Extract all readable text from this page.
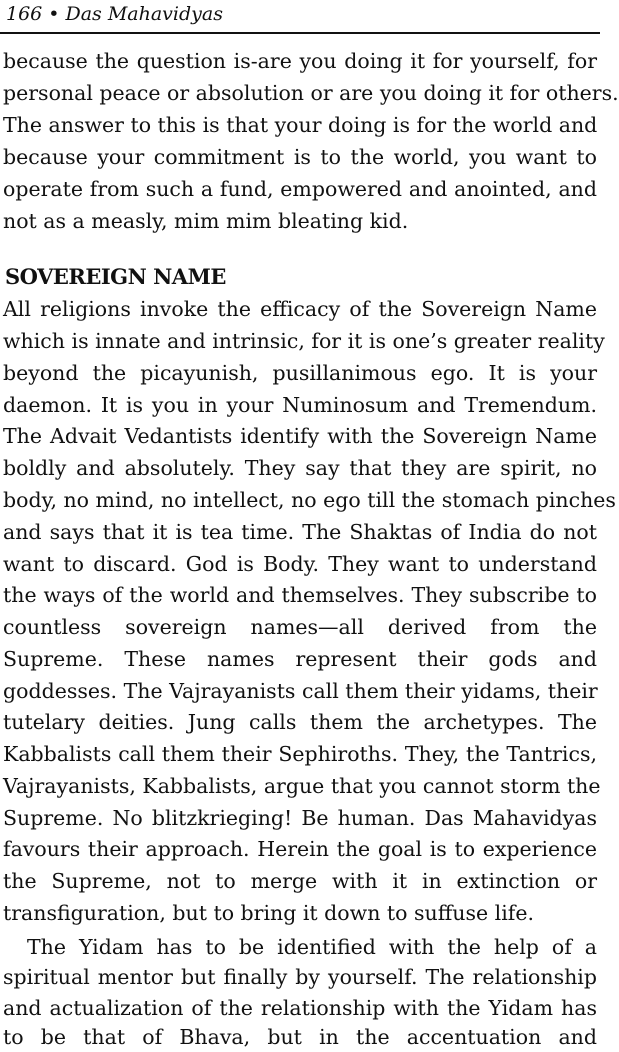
166 • Das Mahavidyas
because the question is-are you doing it for yourself, for
personal peace or absolution or are you doing it for others.
The answer to this is that your doing is for the world and
because your commitment is to the world, you want to
operate from such a fund, empowered and anointed, and
not as a measly, mim mim bleating kid.
SOVEREIGN NAME
All religions invoke the efficacy of the Sovereign Name
which is innate and intrinsic, for it is one’s greater reality
beyond the picayunish, pusillanimous ego. It is your
daemon. It is you in your Numinosum and Tremendum.
The Advait Vedantists identify with the Sovereign Name
boldly and absolutely. They say that they are spirit, no
body, no mind, no intellect, no ego till the stomach pinches
and says that it is tea time. The Shaktas of India do not
want to discard. God is Body. They want to understand
the ways of the world and themselves. They subscribe to
countless sovereign names—all derived from the
Supreme. These names represent their gods and
goddesses. The Vajrayanists call them their yidams, their
tutelary deities. Jung calls them the archetypes. The
Kabbalists call them their Sephiroths. They, the Tantrics,
Vajrayanists, Kabbalists, argue that you cannot storm the
Supreme. No blitzkrieging! Be human. Das Mahavidyas
favours their approach. Herein the goal is to experience
the Supreme, not to merge with it in extinction or
transfiguration, but to bring it down to suffuse life.
The Yidam has to be identified with the help of a
spiritual mentor but finally by yourself. The relationship
and actualization of the relationship with the Yidam has
to be that of Bhava, but in the accentuation and
